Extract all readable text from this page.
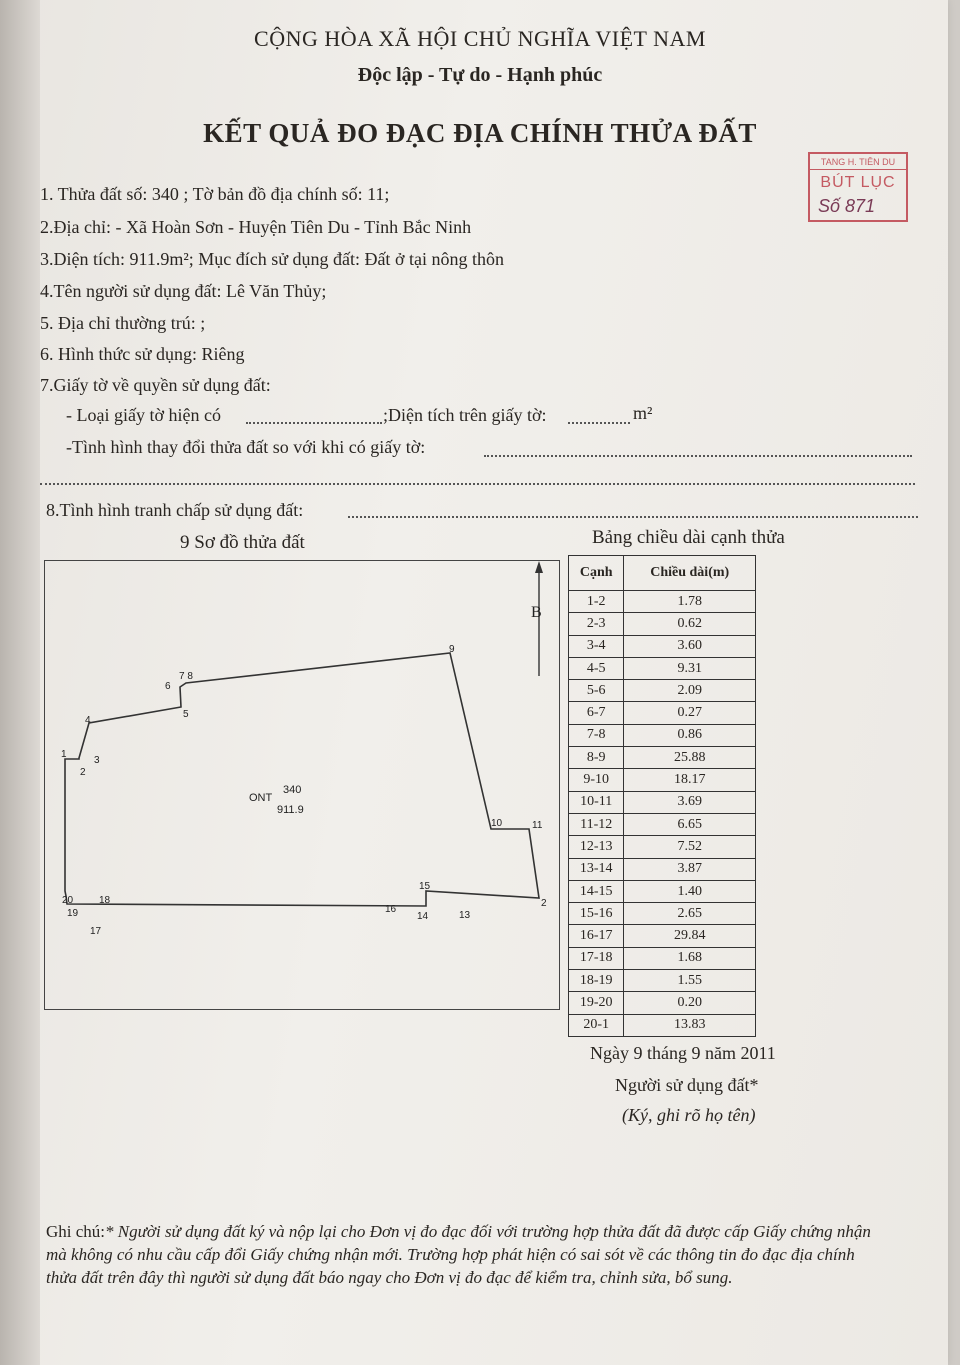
CỘNG HÒA XÃ HỘI CHỦ NGHĨA VIỆT NAM
Độc lập - Tự do - Hạnh phúc
KẾT QUẢ ĐO ĐẠC ĐỊA CHÍNH THỬA ĐẤT
TANG H. TIÊN DU
BÚT LỤC
Số 871
1. Thửa đất số: 340 ; Tờ bản đồ địa chính số: 11;
2.Địa chỉ: - Xã Hoàn Sơn - Huyện Tiên Du - Tỉnh Bắc Ninh
3.Diện tích: 911.9m²; Mục đích sử dụng đất: Đất ở tại nông thôn
4.Tên người sử dụng đất: Lê Văn Thủy;
5. Địa chỉ thường trú: ;
6. Hình thức sử dụng: Riêng
7.Giấy tờ về quyền sử dụng đất:
- Loại giấy tờ hiện có	;Diện tích trên giấy tờ:	m²
-Tình hình thay đổi thửa đất so với khi có giấy tờ:
8.Tình hình tranh chấp sử dụng đất:
9 Sơ đồ thửa đất	Bảng chiều dài cạnh thửa
B
ONT
340
911.9
1
2
3
4
5
6
7 8
9
10	11
2
13
14
15
16
17
18
19
20
Cạnh	Chiều dài(m)
1-2	1.78
2-3	0.62
3-4	3.60
4-5	9.31
5-6	2.09
6-7	0.27
7-8	0.86
8-9	25.88
9-10	18.17
10-11	3.69
11-12	6.65
12-13	7.52
13-14	3.87
14-15	1.40
15-16	2.65
16-17	29.84
17-18	1.68
18-19	1.55
19-20	0.20
20-1	13.83
Ngày 9 tháng 9 năm 2011
Người sử dụng đất*
(Ký, ghi rõ họ tên)
Ghi chú:* Người sử dụng đất ký và nộp lại cho Đơn vị đo đạc đối với trường hợp thửa đất đã được cấp Giấy chứng nhận mà không có nhu cầu cấp đổi Giấy chứng nhận mới. Trường hợp phát hiện có sai sót về các thông tin đo đạc địa chính thửa đất trên đây thì người sử dụng đất báo ngay cho Đơn vị đo đạc để kiểm tra, chỉnh sửa, bổ sung.
